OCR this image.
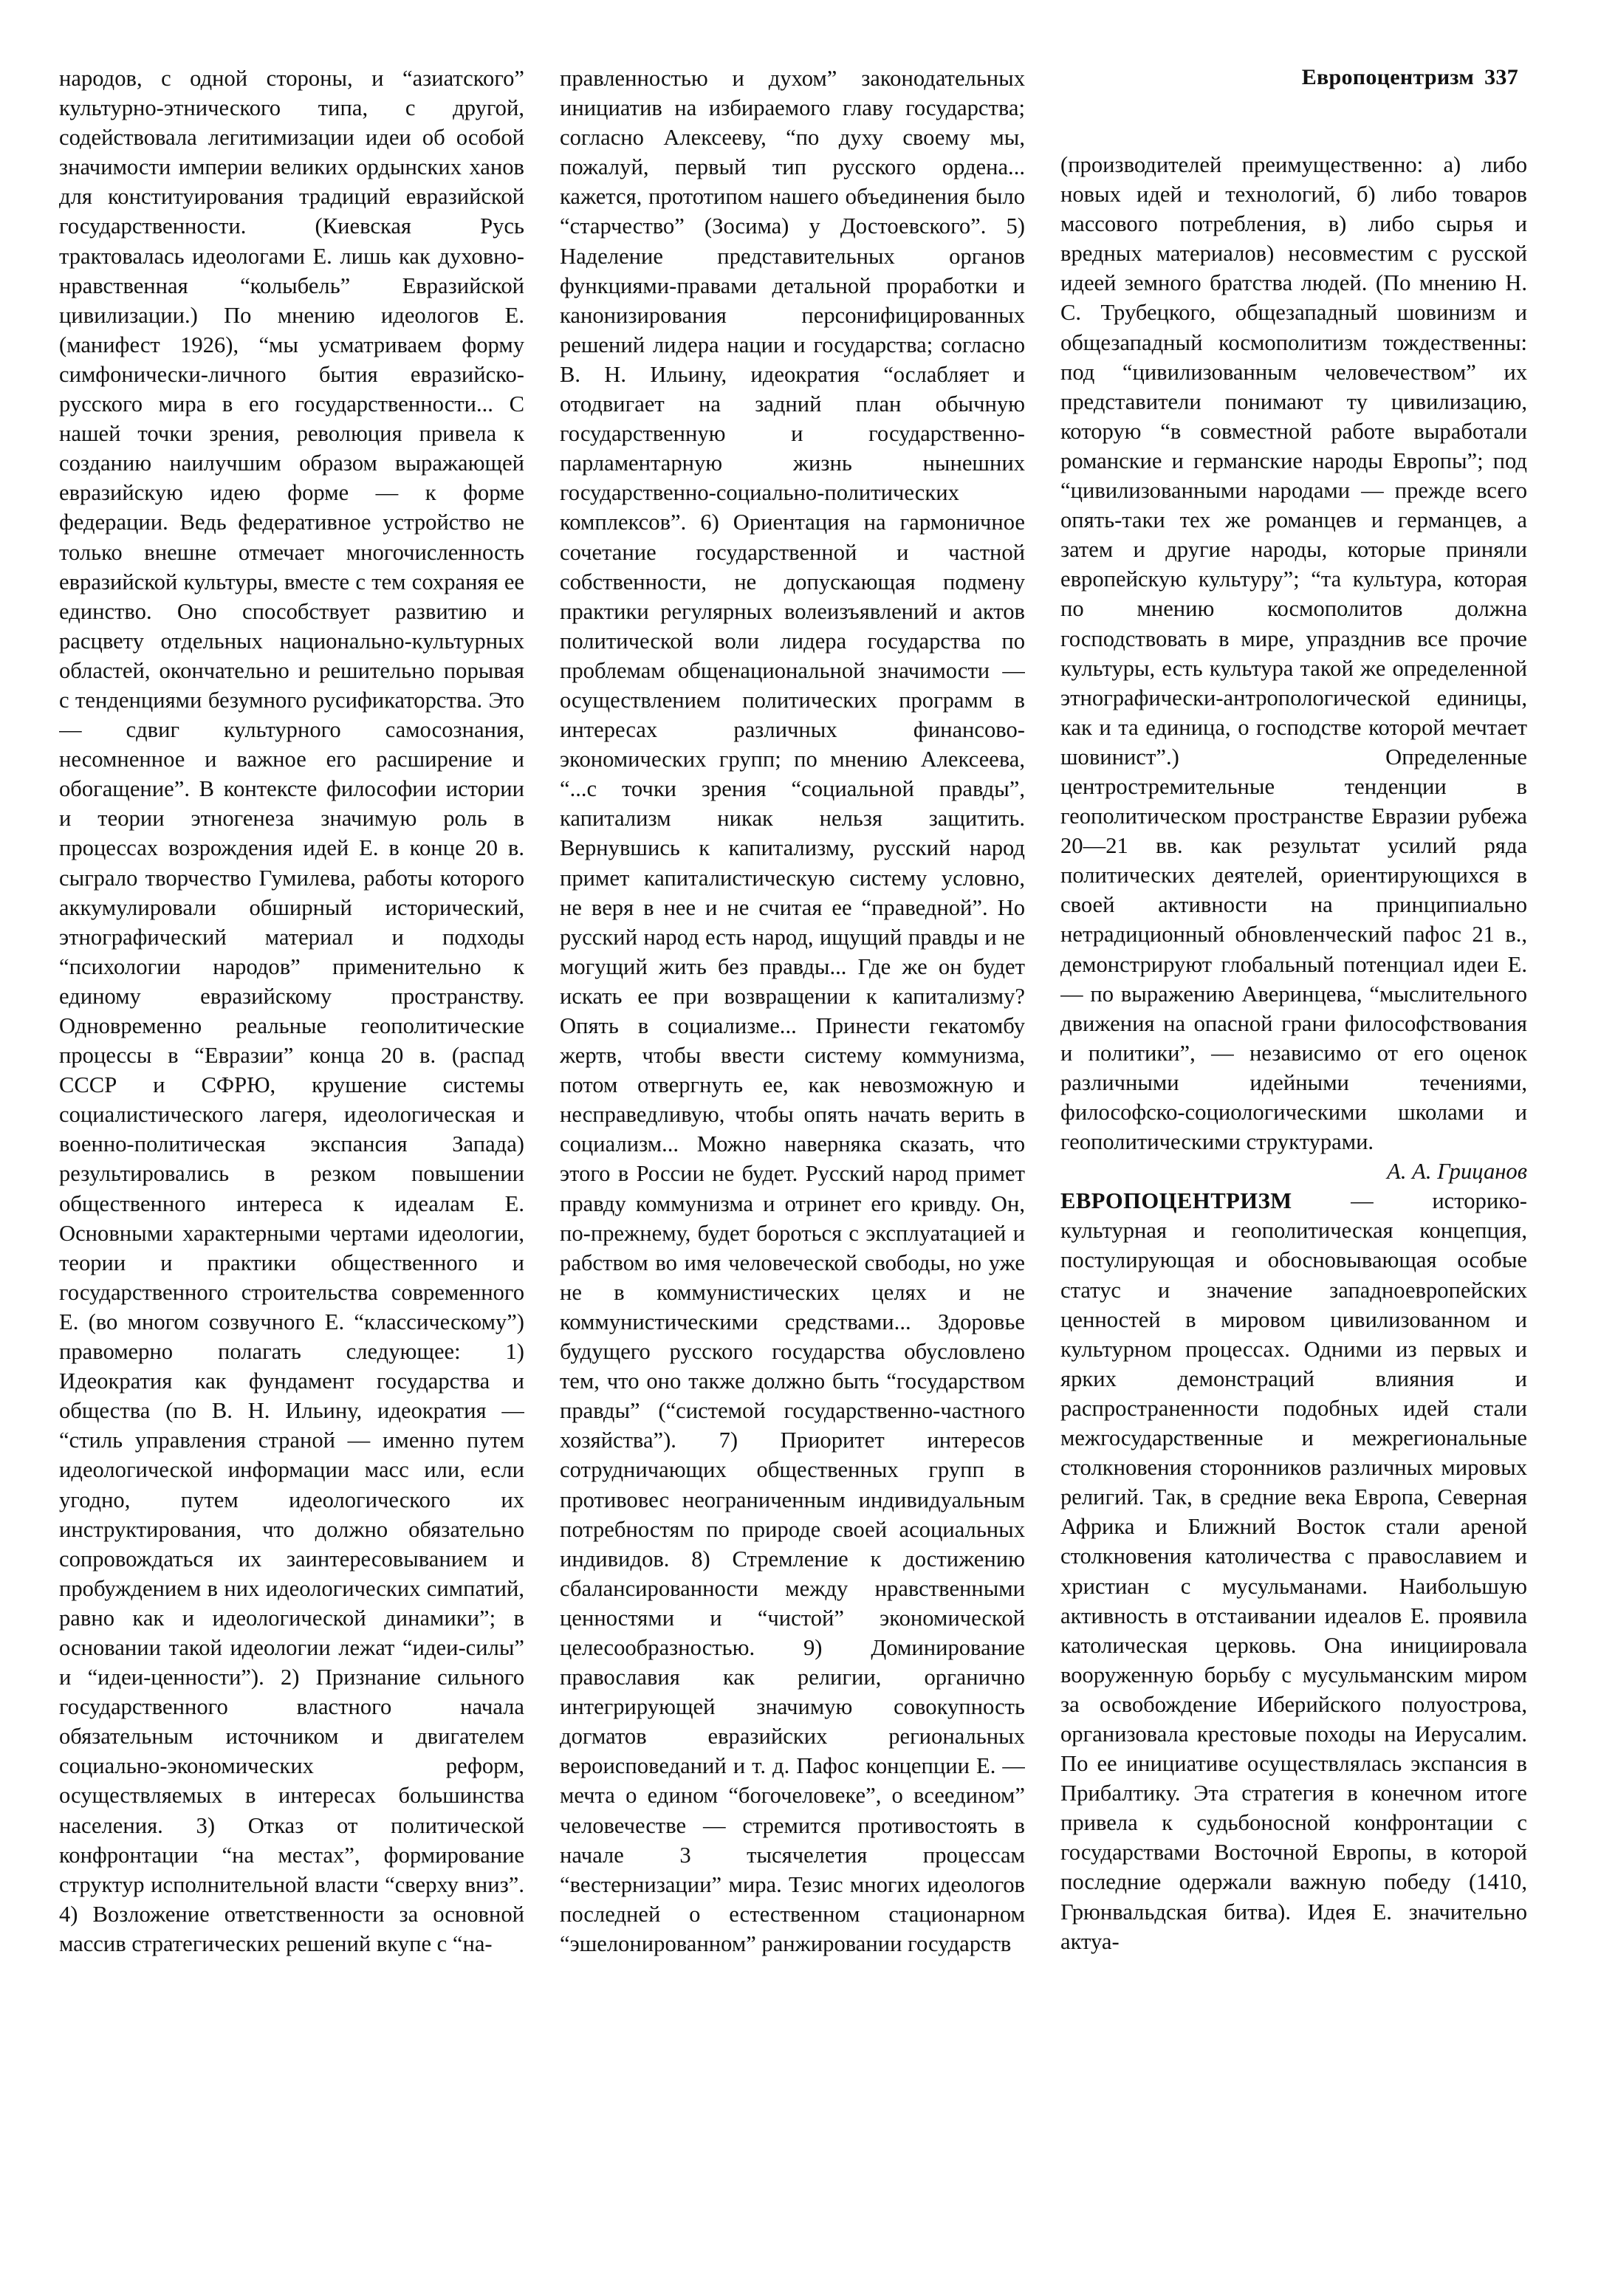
Европоцентризм 337

народов, с одной стороны, и “азиатского” культурно-этнического типа, с другой, содействовала легитимизации идеи об особой значимости империи великих ордынских ханов для конституирования традиций евразийской государственности. (Киевская Русь трактовалась идеологами Е. лишь как духовно-нравственная “колыбель” Евразийской цивилизации.) По мнению идеологов Е. (манифест 1926), “мы усматриваем форму симфонически-личного бытия евразийско-русского мира в его государственности... С нашей точки зрения, революция привела к созданию наилучшим образом выражающей евразийскую идею форме — к форме федерации. Ведь федеративное устройство не только внешне отмечает многочисленность евразийской культуры, вместе с тем сохраняя ее единство. Оно способствует развитию и расцвету отдельных национально-культурных областей, окончательно и решительно порывая с тенденциями безумного русификаторства. Это — сдвиг культурного самосознания, несомненное и важное его расширение и обогащение”. В контексте философии истории и теории этногенеза значимую роль в процессах возрождения идей Е. в конце 20 в. сыграло творчество Гумилева, работы которого аккумулировали обширный исторический, этнографический материал и подходы “психологии народов” применительно к единому евразийскому пространству. Одновременно реальные геополитические процессы в “Евразии” конца 20 в. (распад СССР и СФРЮ, крушение системы социалистического лагеря, идеологическая и военно-политическая экспансия Запада) результировались в резком повышении общественного интереса к идеалам Е. Основными характерными чертами идеологии, теории и практики общественного и государственного строительства современного Е. (во многом созвучного Е. “классическому”) правомерно полагать следующее: 1) Идеократия как фундамент государства и общества (по В. Н. Ильину, идеократия — “стиль управления страной — именно путем идеологической информации масс или, если угодно, путем идеологического их инструктирования, что должно обязательно сопровождаться их заинтересовыванием и пробуждением в них идеологических симпатий, равно как и идеологической динамики”; в основании такой идеологии лежат “идеи-силы” и “идеи-ценности”). 2) Признание сильного государственного властного начала обязательным источником и двигателем социально-экономических реформ, осуществляемых в интересах большинства населения. 3) Отказ от политической конфронтации “на местах”, формирование структур исполнительной власти “сверху вниз”. 4) Возложение ответственности за основной массив стратегических решений вкупе с “на-

правленностью и духом” законодательных инициатив на избираемого главу государства; согласно Алексееву, “по духу своему мы, пожалуй, первый тип русского ордена... кажется, прототипом нашего объединения было “старчество” (Зосима) у Достоевского”. 5) Наделение представительных органов функциями-правами детальной проработки и канонизирования персонифицированных решений лидера нации и государства; согласно В. Н. Ильину, идеократия “ослабляет и отодвигает на задний план обычную государственную и государственно-парламентарную жизнь нынешних государственно-социально-политических комплексов”. 6) Ориентация на гармоничное сочетание государственной и частной собственности, не допускающая подмену практики регулярных волеизъявлений и актов политической воли лидера государства по проблемам общенациональной значимости — осуществлением политических программ в интересах различных финансово-экономических групп; по мнению Алексеева, “...с точки зрения “социальной правды”, капитализм никак нельзя защитить. Вернувшись к капитализму, русский народ примет капиталистическую систему условно, не веря в нее и не считая ее “праведной”. Но русский народ есть народ, ищущий правды и не могущий жить без правды... Где же он будет искать ее при возвращении к капитализму? Опять в социализме... Принести гекатомбу жертв, чтобы ввести систему коммунизма, потом отвергнуть ее, как невозможную и несправедливую, чтобы опять начать верить в социализм... Можно наверняка сказать, что этого в России не будет. Русский народ примет правду коммунизма и отринет его кривду. Он, по-прежнему, будет бороться с эксплуатацией и рабством во имя человеческой свободы, но уже не в коммунистических целях и не коммунистическими средствами... Здоровье будущего русского государства обусловлено тем, что оно также должно быть “государством правды” (“системой государственно-частного хозяйства”). 7) Приоритет интересов сотрудничающих общественных групп в противовес неограниченным индивидуальным потребностям по природе своей асоциальных индивидов. 8) Стремление к достижению сбалансированности между нравственными ценностями и “чистой” экономической целесообразностью. 9) Доминирование православия как религии, органично интегрирующей значимую совокупность догматов евразийских региональных вероисповеданий и т. д. Пафос концепции Е. — мечта о едином “богочеловеке”, о всеедином” человечестве — стремится противостоять в начале 3 тысячелетия процессам “вестернизации” мира. Тезис многих идеологов последней о естественном стационарном “эшелонированном” ранжировании государств

(производителей преимущественно: а) либо новых идей и технологий, б) либо товаров массового потребления, в) либо сырья и вредных материалов) несовместим с русской идеей земного братства людей. (По мнению Н. С. Трубецкого, общезападный шовинизм и общезападный космополитизм тождественны: под “цивилизованным человечеством” их представители понимают ту цивилизацию, которую “в совместной работе выработали романские и германские народы Европы”; под “цивилизованными народами — прежде всего опять-таки тех же романцев и германцев, а затем и другие народы, которые приняли европейскую культуру”; “та культура, которая по мнению космополитов должна господствовать в мире, упразднив все прочие культуры, есть культура такой же определенной этнографически-антропологической единицы, как и та единица, о господстве которой мечтает шовинист”.) Определенные центростремительные тенденции в геополитическом пространстве Евразии рубежа 20—21 вв. как результат усилий ряда политических деятелей, ориентирующихся в своей активности на принципиально нетрадиционный обновленческий пафос 21 в., демонстрируют глобальный потенциал идеи Е. — по выражению Аверинцева, “мыслительного движения на опасной грани философствования и политики”, — независимо от его оценок различными идейными течениями, философско-социологическими школами и геополитическими структурами.

А. А. Грицанов

ЕВРОПОЦЕНТРИЗМ — историко-культурная и геополитическая концепция, постулирующая и обосновывающая особые статус и значение западноевропейских ценностей в мировом цивилизованном и культурном процессах. Одними из первых и ярких демонстраций влияния и распространенности подобных идей стали межгосударственные и межрегиональные столкновения сторонников различных мировых религий. Так, в средние века Европа, Северная Африка и Ближний Восток стали ареной столкновения католичества с православием и христиан с мусульманами. Наибольшую активность в отстаивании идеалов Е. проявила католическая церковь. Она инициировала вооруженную борьбу с мусульманским миром за освобождение Иберийского полуострова, организовала крестовые походы на Иерусалим. По ее инициативе осуществлялась экспансия в Прибалтику. Эта стратегия в конечном итоге привела к судьбоносной конфронтации с государствами Восточной Европы, в которой последние одержали важную победу (1410, Грюнвальдская битва). Идея Е. значительно актуа-
